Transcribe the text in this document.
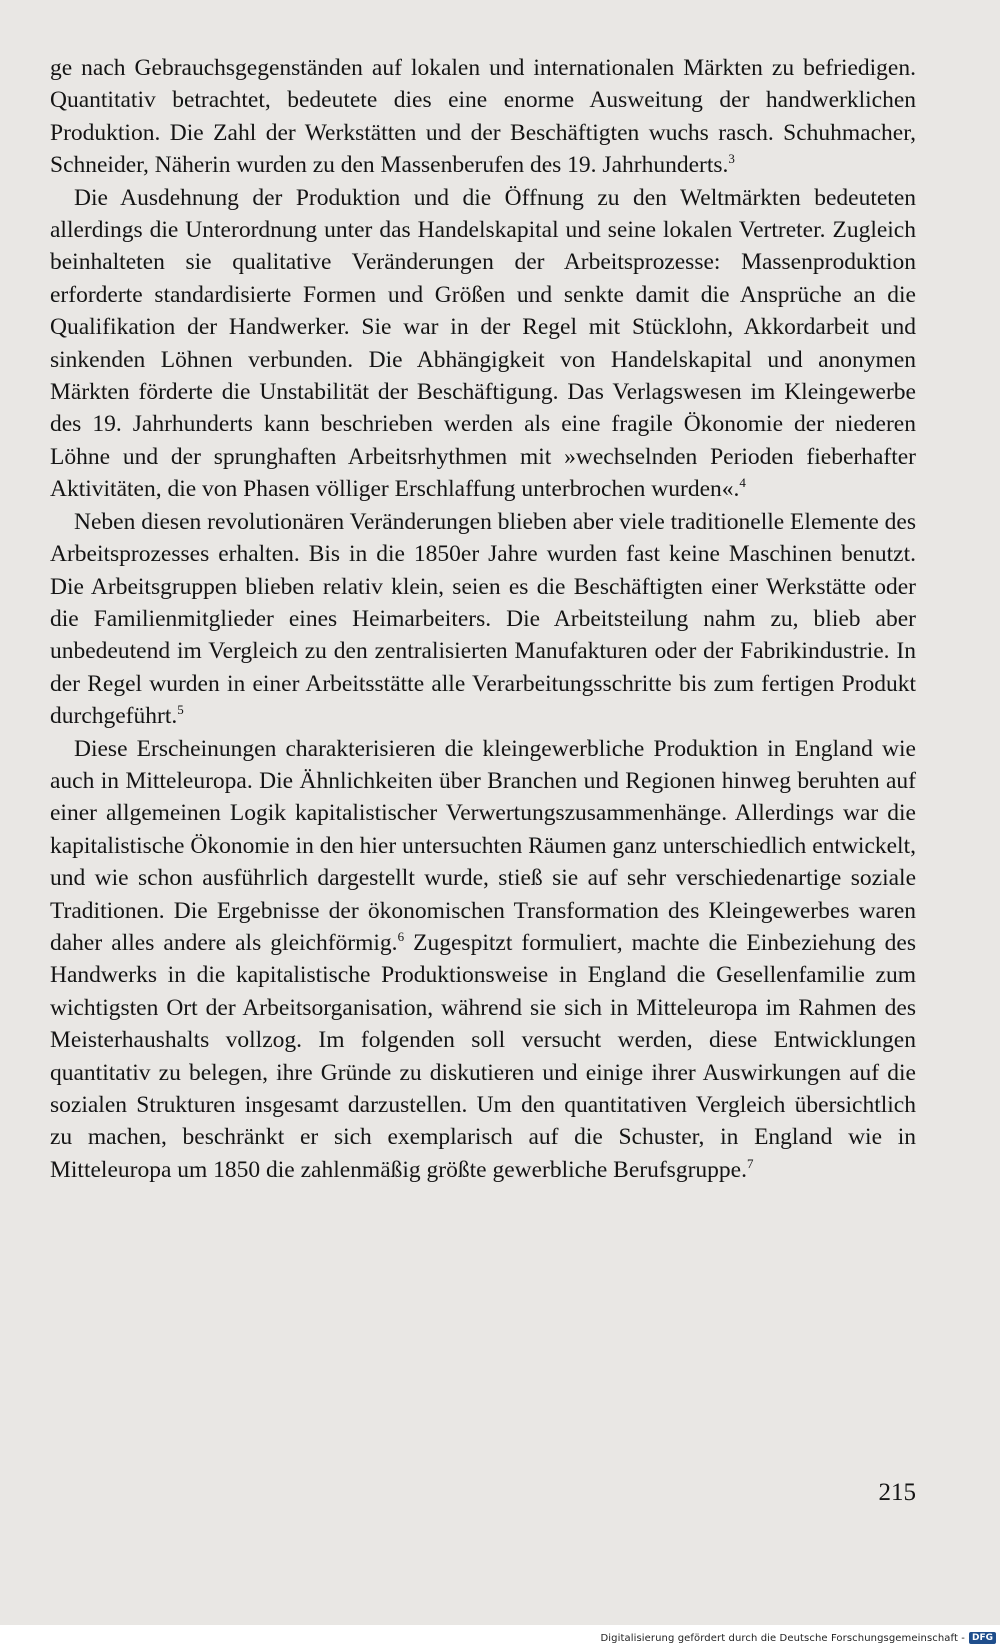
ge nach Gebrauchsgegenständen auf lokalen und internationalen Märkten zu befriedigen. Quantitativ betrachtet, bedeutete dies eine enorme Ausweitung der handwerklichen Produktion. Die Zahl der Werkstätten und der Beschäftigten wuchs rasch. Schuhmacher, Schneider, Näherin wurden zu den Massenberufen des 19. Jahrhunderts.$^3$

Die Ausdehnung der Produktion und die Öffnung zu den Weltmärkten bedeuteten allerdings die Unterordnung unter das Handelskapital und seine lokalen Vertreter. Zugleich beinhalteten sie qualitative Veränderungen der Arbeitsprozesse: Massenproduktion erforderte standardisierte Formen und Größen und senkte damit die Ansprüche an die Qualifikation der Handwerker. Sie war in der Regel mit Stücklohn, Akkordarbeit und sinkenden Löhnen verbunden. Die Abhängigkeit von Handelskapital und anonymen Märkten förderte die Unstabilität der Beschäftigung. Das Verlagswesen im Kleingewerbe des 19. Jahrhunderts kann beschrieben werden als eine fragile Ökonomie der niederen Löhne und der sprunghaften Arbeitsrhythmen mit »wechselnden Perioden fieberhafter Aktivitäten, die von Phasen völliger Erschlaffung unterbrochen wurden«.$^4$

Neben diesen revolutionären Veränderungen blieben aber viele traditionelle Elemente des Arbeitsprozesses erhalten. Bis in die 1850er Jahre wurden fast keine Maschinen benutzt. Die Arbeitsgruppen blieben relativ klein, seien es die Beschäftigten einer Werkstätte oder die Familienmitglieder eines Heimarbeiters. Die Arbeitsteilung nahm zu, blieb aber unbedeutend im Vergleich zu den zentralisierten Manufakturen oder der Fabrikindustrie. In der Regel wurden in einer Arbeitsstätte alle Verarbeitungsschritte bis zum fertigen Produkt durchgeführt.$^5$

Diese Erscheinungen charakterisieren die kleingewerbliche Produktion in England wie auch in Mitteleuropa. Die Ähnlichkeiten über Branchen und Regionen hinweg beruhten auf einer allgemeinen Logik kapitalistischer Verwertungszusammenhänge. Allerdings war die kapitalistische Ökonomie in den hier untersuchten Räumen ganz unterschiedlich entwickelt, und wie schon ausführlich dargestellt wurde, stieß sie auf sehr verschiedenartige soziale Traditionen. Die Ergebnisse der ökonomischen Transformation des Kleingewerbes waren daher alles andere als gleichförmig.$^6$ Zugespitzt formuliert, machte die Einbeziehung des Handwerks in die kapitalistische Produktionsweise in England die Gesellenfamilie zum wichtigsten Ort der Arbeitsorganisation, während sie sich in Mitteleuropa im Rahmen des Meisterhaushalts vollzog. Im folgenden soll versucht werden, diese Entwicklungen quantitativ zu belegen, ihre Gründe zu diskutieren und einige ihrer Auswirkungen auf die sozialen Strukturen insgesamt darzustellen. Um den quantitativen Vergleich übersichtlich zu machen, beschränkt er sich exemplarisch auf die Schuster, in England wie in Mitteleuropa um 1850 die zahlenmäßig größte gewerbliche Berufsgruppe.$^7$

215
Digitalisierung gefördert durch die Deutsche Forschungsgemeinschaft - DFG
